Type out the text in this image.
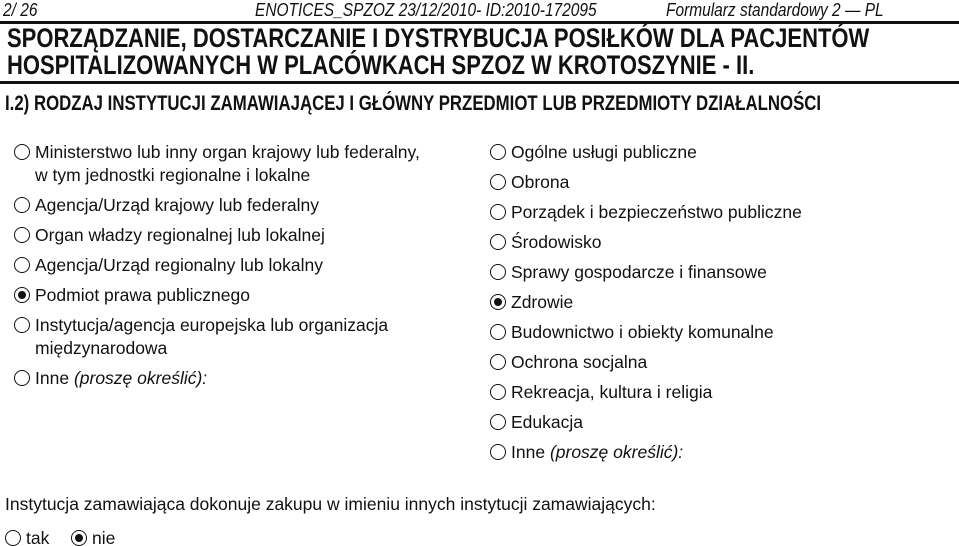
2/ 26	ENOTICES_SPZOZ 23/12/2010- ID:2010-172095	Formularz standardowy 2 — PL
SPORZĄDZANIE, DOSTARCZANIE I DYSTRYBUCJA POSIŁKÓW DLA PACJENTÓW
HOSPITALIZOWANYCH W PLACÓWKACH SPZOZ W KROTOSZYNIE - II.
I.2) RODZAJ INSTYTUCJI ZAMAWIAJĄCEJ I GŁÓWNY PRZEDMIOT LUB PRZEDMIOTY DZIAŁALNOŚCI
Ministerstwo lub inny organ krajowy lub federalny,
w tym jednostki regionalne i lokalne
Agencja/Urząd krajowy lub federalny
Organ władzy regionalnej lub lokalnej
Agencja/Urząd regionalny lub lokalny
Podmiot prawa publicznego
Instytucja/agencja europejska lub organizacja
międzynarodowa
Inne (proszę określić):
Ogólne usługi publiczne
Obrona
Porządek i bezpieczeństwo publiczne
Środowisko
Sprawy gospodarcze i finansowe
Zdrowie
Budownictwo i obiekty komunalne
Ochrona socjalna
Rekreacja, kultura i religia
Edukacja
Inne (proszę określić):
Instytucja zamawiająca dokonuje zakupu w imieniu innych instytucji zamawiających:
tak nie
